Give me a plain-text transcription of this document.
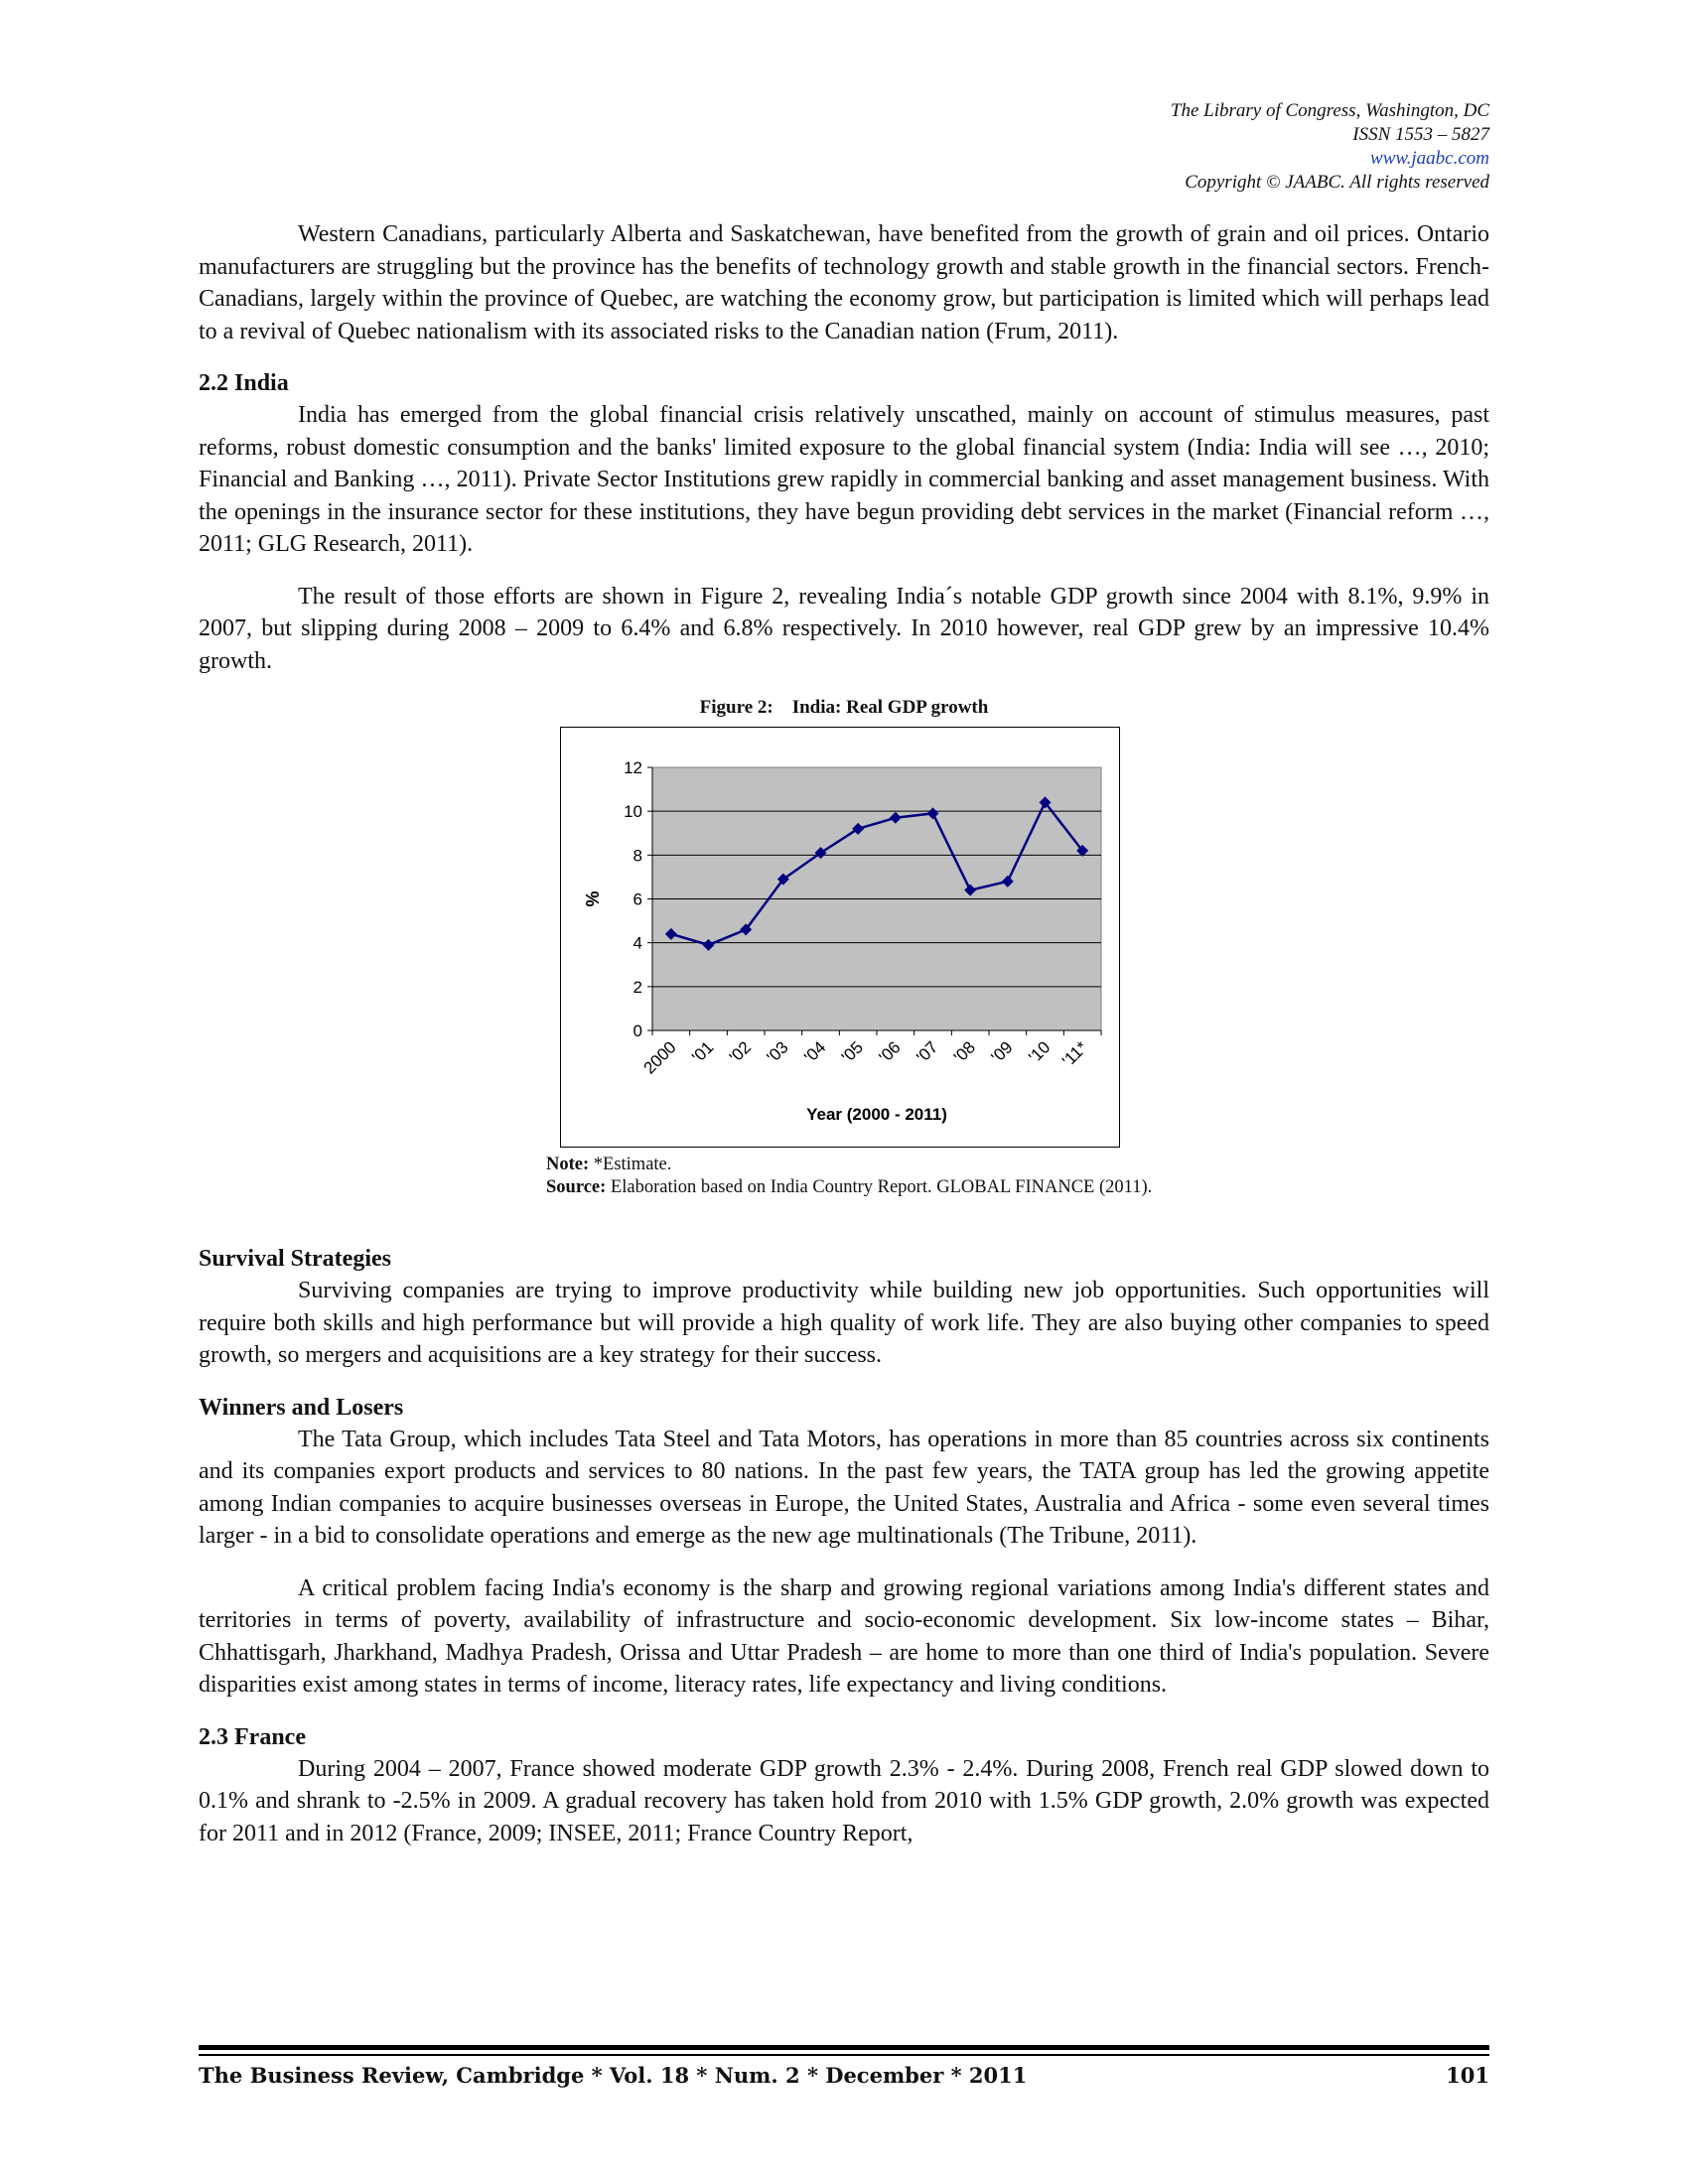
The Library of Congress, Washington, DC
ISSN 1553 – 5827
www.jaabc.com
Copyright © JAABC. All rights reserved

Western Canadians, particularly Alberta and Saskatchewan, have benefited from the growth of grain and oil prices. Ontario manufacturers are struggling but the province has the benefits of technology growth and stable growth in the financial sectors. French-Canadians, largely within the province of Quebec, are watching the economy grow, but participation is limited which will perhaps lead to a revival of Quebec nationalism with its associated risks to the Canadian nation (Frum, 2011).

2.2 India

India has emerged from the global financial crisis relatively unscathed, mainly on account of stimulus measures, past reforms, robust domestic consumption and the banks' limited exposure to the global financial system (India: India will see …, 2010; Financial and Banking …, 2011). Private Sector Institutions grew rapidly in commercial banking and asset management business. With the openings in the insurance sector for these institutions, they have begun providing debt services in the market (Financial reform …, 2011; GLG Research, 2011).

The result of those efforts are shown in Figure 2, revealing India´s notable GDP growth since 2004 with 8.1%, 9.9% in 2007, but slipping during 2008 – 2009 to 6.4% and 6.8% respectively. In 2010 however, real GDP grew by an impressive 10.4% growth.

Figure 2:    India: Real GDP growth
0
2
4
6
8
10
12
2000 '01 '02 '03 '04 '05 '06 '07 '08 '09 '10 '11*
%
Year (2000 - 2011)
Note: *Estimate.
Source: Elaboration based on India Country Report. GLOBAL FINANCE (2011).
Survival Strategies

Surviving companies are trying to improve productivity while building new job opportunities. Such opportunities will require both skills and high performance but will provide a high quality of work life. They are also buying other companies to speed growth, so mergers and acquisitions are a key strategy for their success.

Winners and Losers

The Tata Group, which includes Tata Steel and Tata Motors, has operations in more than 85 countries across six continents and its companies export products and services to 80 nations. In the past few years, the TATA group has led the growing appetite among Indian companies to acquire businesses overseas in Europe, the United States, Australia and Africa - some even several times larger - in a bid to consolidate operations and emerge as the new age multinationals (The Tribune, 2011).

A critical problem facing India's economy is the sharp and growing regional variations among India's different states and territories in terms of poverty, availability of infrastructure and socio-economic development. Six low-income states – Bihar, Chhattisgarh, Jharkhand, Madhya Pradesh, Orissa and Uttar Pradesh – are home to more than one third of India's population. Severe disparities exist among states in terms of income, literacy rates, life expectancy and living conditions.

2.3 France

During 2004 – 2007, France showed moderate GDP growth 2.3% - 2.4%. During 2008, French real GDP slowed down to 0.1% and shrank to -2.5% in 2009. A gradual recovery has taken hold from 2010 with 1.5% GDP growth, 2.0% growth was expected for 2011 and in 2012 (France, 2009; INSEE, 2011; France Country Report,

The Business Review, Cambridge * Vol. 18 * Num. 2 * December * 2011	101
